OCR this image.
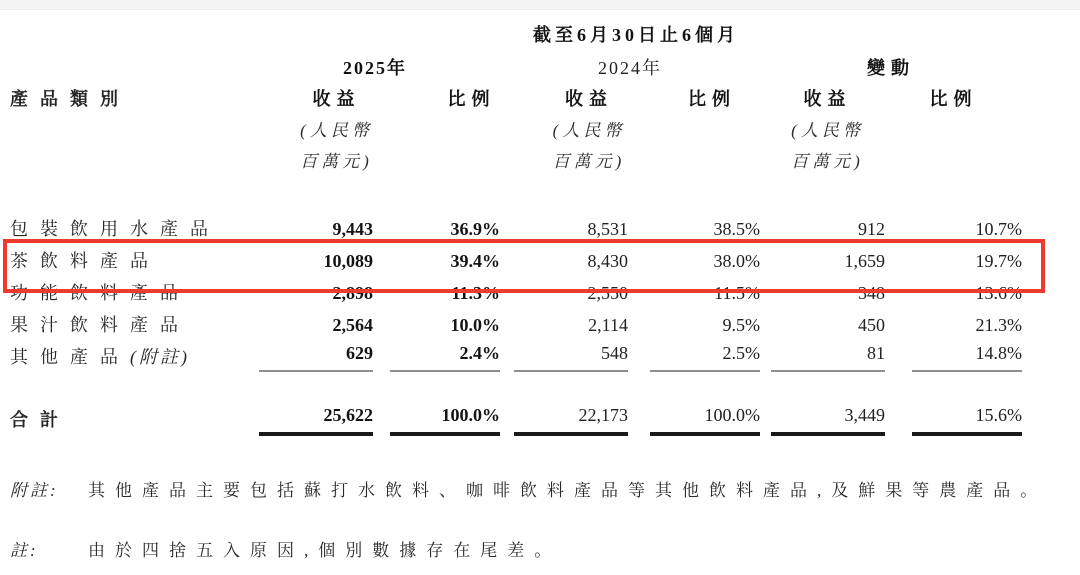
	截至6月30日止6個月					
	2025年		2024年		變動	
產品類別	收益	比例	收益	比例	收益	比例
	(人民幣		(人民幣		(人民幣	
	百萬元)		百萬元)		百萬元)	

包裝飲用水產品	9,443	36.9%	8,531	38.5%	912	10.7%

茶飲料產品	10,089	39.4%	8,430	38.0%	1,659	19.7%

功能飲料產品	2,898	11.3%	2,550	11.5%	348	13.6%

果汁飲料產品	2,564	10.0%	2,114	9.5%	450	21.3%

其他產品(附註)	629	2.4%	548	2.5%	81	14.8%

合計	25,622	100.0%	22,173	100.0%	3,449	15.6%
附註:	其他產品主要包括蘇打水飲料、咖啡飲料產品等其他飲料產品,及鮮果等農產品。
註:	由於四捨五入原因,個別數據存在尾差。
